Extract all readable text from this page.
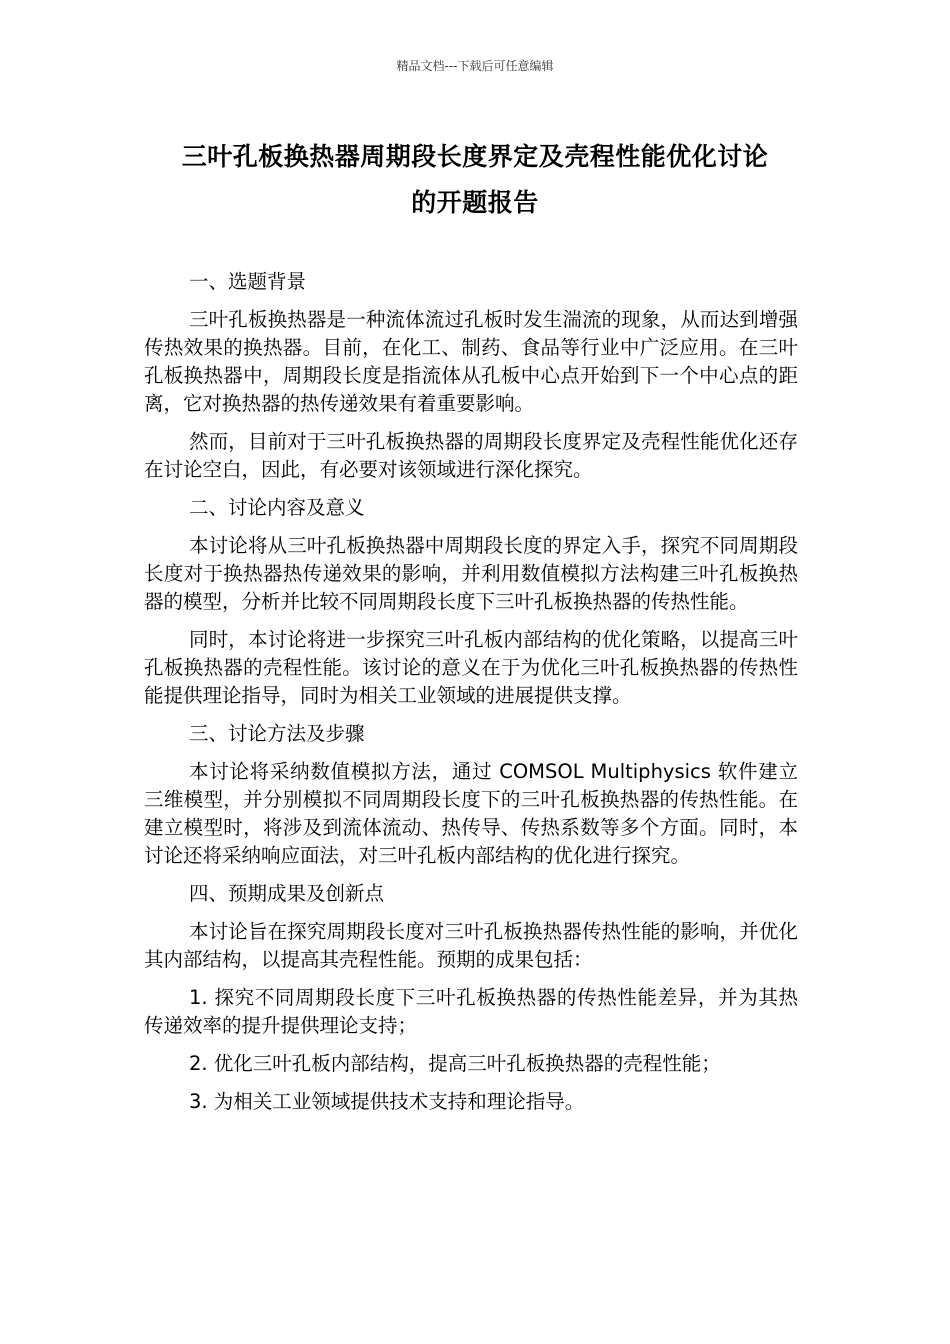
精品文档---下载后可任意编辑
三叶孔板换热器周期段长度界定及壳程性能优化讨论
的开题报告

一、选题背景

三叶孔板换热器是一种流体流过孔板时发生湍流的现象，从而达到增强传热效果的换热器。目前，在化工、制药、食品等行业中广泛应用。在三叶孔板换热器中，周期段长度是指流体从孔板中心点开始到下一个中心点的距离，它对换热器的热传递效果有着重要影响。

然而，目前对于三叶孔板换热器的周期段长度界定及壳程性能优化还存在讨论空白，因此，有必要对该领域进行深化探究。

二、讨论内容及意义

本讨论将从三叶孔板换热器中周期段长度的界定入手，探究不同周期段长度对于换热器热传递效果的影响，并利用数值模拟方法构建三叶孔板换热器的模型，分析并比较不同周期段长度下三叶孔板换热器的传热性能。

同时，本讨论将进一步探究三叶孔板内部结构的优化策略，以提高三叶孔板换热器的壳程性能。该讨论的意义在于为优化三叶孔板换热器的传热性能提供理论指导，同时为相关工业领域的进展提供支撑。

三、讨论方法及步骤

本讨论将采纳数值模拟方法，通过 COMSOL Multiphysics 软件建立三维模型，并分别模拟不同周期段长度下的三叶孔板换热器的传热性能。在建立模型时，将涉及到流体流动、热传导、传热系数等多个方面。同时，本讨论还将采纳响应面法，对三叶孔板内部结构的优化进行探究。

四、预期成果及创新点

本讨论旨在探究周期段长度对三叶孔板换热器传热性能的影响，并优化其内部结构，以提高其壳程性能。预期的成果包括：

1. 探究不同周期段长度下三叶孔板换热器的传热性能差异，并为其热传递效率的提升提供理论支持；

2. 优化三叶孔板内部结构，提高三叶孔板换热器的壳程性能；

3. 为相关工业领域提供技术支持和理论指导。
